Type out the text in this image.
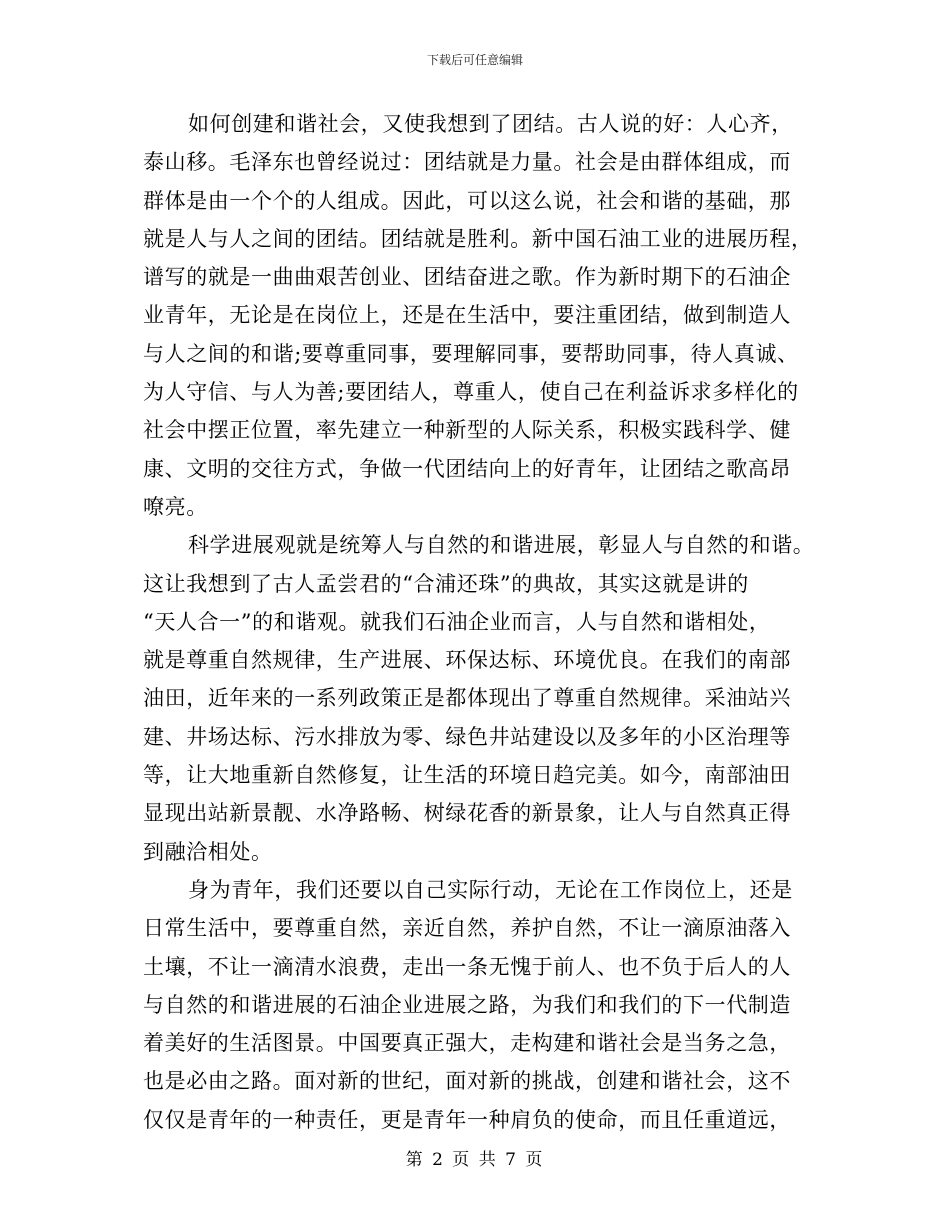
下载后可任意编辑
如何创建和谐社会，又使我想到了团结。古人说的好：人心齐，
泰山移。毛泽东也曾经说过：团结就是力量。社会是由群体组成，而
群体是由一个个的人组成。因此，可以这么说，社会和谐的基础，那
就是人与人之间的团结。团结就是胜利。新中国石油工业的进展历程，
谱写的就是一曲曲艰苦创业、团结奋进之歌。作为新时期下的石油企
业青年，无论是在岗位上，还是在生活中，要注重团结，做到制造人
与人之间的和谐;要尊重同事，要理解同事，要帮助同事，待人真诚、
为人守信、与人为善;要团结人，尊重人，使自己在利益诉求多样化的
社会中摆正位置，率先建立一种新型的人际关系，积极实践科学、健
康、文明的交往方式，争做一代团结向上的好青年，让团结之歌高昂
嘹亮。
科学进展观就是统筹人与自然的和谐进展，彰显人与自然的和谐。
这让我想到了古人孟尝君的“合浦还珠”的典故，其实这就是讲的
“天人合一”的和谐观。就我们石油企业而言，人与自然和谐相处，
就是尊重自然规律，生产进展、环保达标、环境优良。在我们的南部
油田，近年来的一系列政策正是都体现出了尊重自然规律。采油站兴
建、井场达标、污水排放为零、绿色井站建设以及多年的小区治理等
等，让大地重新自然修复，让生活的环境日趋完美。如今，南部油田
显现出站新景靓、水净路畅、树绿花香的新景象，让人与自然真正得
到融洽相处。
身为青年，我们还要以自己实际行动，无论在工作岗位上，还是
日常生活中，要尊重自然，亲近自然，养护自然，不让一滴原油落入
土壤，不让一滴清水浪费，走出一条无愧于前人、也不负于后人的人
与自然的和谐进展的石油企业进展之路，为我们和我们的下一代制造
着美好的生活图景。中国要真正强大，走构建和谐社会是当务之急，
也是必由之路。面对新的世纪，面对新的挑战，创建和谐社会，这不
仅仅是青年的一种责任，更是青年一种肩负的使命，而且任重道远，
第 2 页 共 7 页
